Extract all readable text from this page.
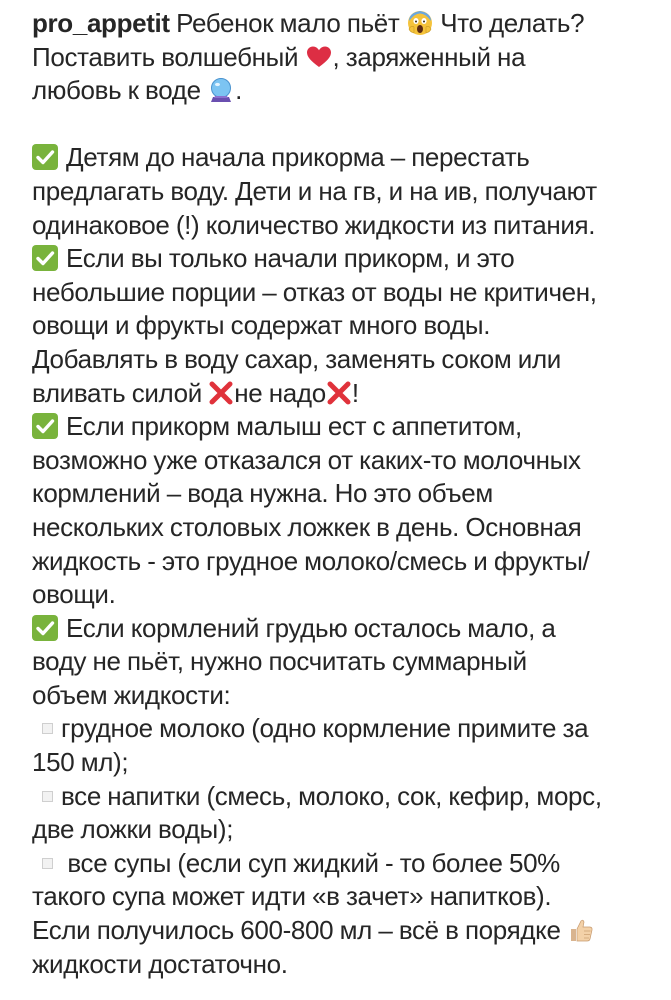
pro_appetit Ребенок мало пьёт
Что делать?
Поставить волшебный
, заряженный на
любовь к воде
.
Детям до начала прикорма – перестать
предлагать воду. Дети и на гв, и на ив, получают
одинаковое (!) количество жидкости из питания.
Если вы только начали прикорм, и это
небольшие порции – отказ от воды не критичен,
овощи и фрукты содержат много воды.
Добавлять в воду сахар, заменять соком или
вливать силой
не надо !
Если прикорм малыш ест с аппетитом,
возможно уже отказался от каких-то молочных
кормлений – вода нужна. Но это объем
нескольких столовых ложкек в день. Основная
жидкость - это грудное молоко/смесь и фрукты/
овощи.
Если кормлений грудью осталось мало, а
воду не пьёт, нужно посчитать суммарный
объем жидкости:
грудное молоко (одно кормление примите за
150 мл);
все напитки (смесь, молоко, сок, кефир, морс,
две ложки воды);
все супы (если суп жидкий - то более 50%
такого супа может идти «в зачет» напитков).
Если получилось 600-800 мл – всё в порядке
жидкости достаточно.
